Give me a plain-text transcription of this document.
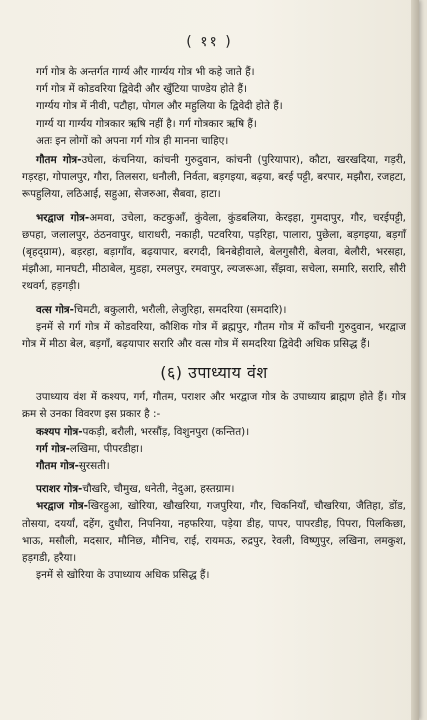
( ११ )

गर्ग गोत्र के अन्तर्गत गार्ग्य और गार्ग्यय गोत्र भी कहे जाते हैं।

गर्ग गोत्र में कोडवरिया द्विवेदी और खुँटिया पाण्डेय होते हैं।

गार्ग्यय गोत्र में नीवी, पटौहा, पोगल और महुलिया के द्विवेदी होते हैं।

गार्ग्य या गार्ग्यय गोत्रकार ऋषि नहीं है। गर्ग गोत्रकार ऋषि हैं।

अतः इन लोगों को अपना गर्ग गोत्र ही मानना चाहिए।

गौतम गोत्र-उघेला, कंचनिया, कांचनी गुरुदुवान, कांचनी (पुरियापार), कौटा, खरखदिया, गड़री, गड़रहा, गोपालपुर, गौरा, तिलसरा, धनौली, निर्वता, बड़गइया, बढ़या, बरई पट्टी, बरपार, मझौरा, रजहटा, रूपहुलिया, लठिआई, सहुआ, सेजरुआ, सैबवा, हाटा।

भरद्वाज गोत्र-अमवा, उचेला, कटकुआँ, कुंवेला, कुंडबलिया, केरइहा, गुमदापुर, गौर, चरईपट्टी, छपहा, जलालपुर, ठंठनवापुर, धाराधरी, नकाही, पटवरिया, पड़रिहा, पालारा, पुछेला, बड़गइया, बड़गाँ (बृहद्ग्राम), बड़रहा, बड़ागाँव, बढ़यापार, बरगदी, बिनबेहीवाले, बेलगुसौरी, बेलवा, बेलौरी, भरसहा, मंझौआ, मानघटी, मीठाबेल, मुडहा, रमलपुर, रमवापुर, ल्यजरूआ, सँझवा, सचेला, समारि, सरारि, सौरी रथवर्ग, हड़गड़ी।

वत्स गोत्र-चिमटी, बकुलारी, भरौली, लेजुरिहा, समदरिया (समदारि)।

इनमें से गर्ग गोत्र में कोडवरिया, कौशिक गोत्र में ब्रह्मपुर, गौतम गोत्र में काँचनी गुरुदुवान, भरद्वाज गोत्र में मीठा बेल, बड़गाँ, बढ़यापार सरारि और वत्स गोत्र में समदरिया द्विवेदी अधिक प्रसिद्ध हैं।

(६) उपाध्याय वंश

उपाध्याय वंश में कश्यप, गर्ग, गौतम, पराशर और भरद्वाज गोत्र के उपाध्याय ब्राह्मण होते हैं। गोत्र क्रम से उनका विवरण इस प्रकार है :-

कश्यप गोत्र-पकड़ी, बरौली, भरसौंड़, विशुनपुरा (कन्तित)।

गर्ग गोत्र-लखिमा, पीपरडीहा।

गौतम गोत्र-सुरसती।

पराशर गोत्र-चौखरि, चौमुख, धनेती, नेदुआ, हस्तग्राम।

भरद्वाज गोत्र-खिरहुआ, खोरिया, खौखरिया, गजपुरिया, गौर, चिकनियाँ, चौखरिया, जैतिहा, डोंड, तोसया, दयर्यां, दहेंग, दुधौरा, निपनिया, नहफरिया, पड़ेया डीह, पापर, पापरडीह, पिपरा, पिलकिछा, भाऊ, मसौली, मदसार, मौनिछ, मौनिच, राई, रायमऊ, रुद्रपुर, रेवली, विष्णुपुर, लखिना, लमकुश, हड़गडी, हरैया।

इनमें से खोरिया के उपाध्याय अधिक प्रसिद्ध हैं।
